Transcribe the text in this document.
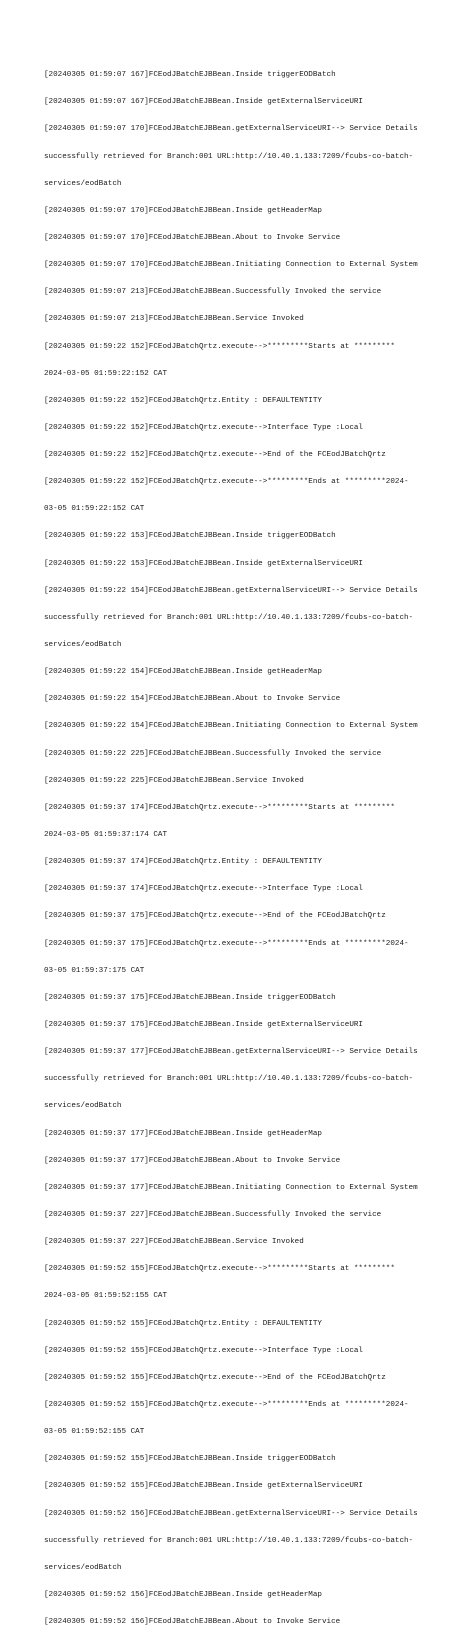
[20240305 01:59:07 167]FCEodJBatchEJBBean.Inside triggerEODBatch

[20240305 01:59:07 167]FCEodJBatchEJBBean.Inside getExternalServiceURI

[20240305 01:59:07 170]FCEodJBatchEJBBean.getExternalServiceURI--> Service Details

successfully retrieved for Branch:001 URL:http://10.40.1.133:7209/fcubs-co-batch-

services/eodBatch

[20240305 01:59:07 170]FCEodJBatchEJBBean.Inside getHeaderMap

[20240305 01:59:07 170]FCEodJBatchEJBBean.About to Invoke Service

[20240305 01:59:07 170]FCEodJBatchEJBBean.Initiating Connection to External System

[20240305 01:59:07 213]FCEodJBatchEJBBean.Successfully Invoked the service

[20240305 01:59:07 213]FCEodJBatchEJBBean.Service Invoked

[20240305 01:59:22 152]FCEodJBatchQrtz.execute-->*********Starts at *********

2024-03-05 01:59:22:152 CAT

[20240305 01:59:22 152]FCEodJBatchQrtz.Entity : DEFAULTENTITY

[20240305 01:59:22 152]FCEodJBatchQrtz.execute-->Interface Type :Local

[20240305 01:59:22 152]FCEodJBatchQrtz.execute-->End of the FCEodJBatchQrtz

[20240305 01:59:22 152]FCEodJBatchQrtz.execute-->*********Ends at *********2024-

03-05 01:59:22:152 CAT

[20240305 01:59:22 153]FCEodJBatchEJBBean.Inside triggerEODBatch

[20240305 01:59:22 153]FCEodJBatchEJBBean.Inside getExternalServiceURI

[20240305 01:59:22 154]FCEodJBatchEJBBean.getExternalServiceURI--> Service Details

successfully retrieved for Branch:001 URL:http://10.40.1.133:7209/fcubs-co-batch-

services/eodBatch

[20240305 01:59:22 154]FCEodJBatchEJBBean.Inside getHeaderMap

[20240305 01:59:22 154]FCEodJBatchEJBBean.About to Invoke Service

[20240305 01:59:22 154]FCEodJBatchEJBBean.Initiating Connection to External System

[20240305 01:59:22 225]FCEodJBatchEJBBean.Successfully Invoked the service

[20240305 01:59:22 225]FCEodJBatchEJBBean.Service Invoked

[20240305 01:59:37 174]FCEodJBatchQrtz.execute-->*********Starts at *********

2024-03-05 01:59:37:174 CAT

[20240305 01:59:37 174]FCEodJBatchQrtz.Entity : DEFAULTENTITY

[20240305 01:59:37 174]FCEodJBatchQrtz.execute-->Interface Type :Local

[20240305 01:59:37 175]FCEodJBatchQrtz.execute-->End of the FCEodJBatchQrtz

[20240305 01:59:37 175]FCEodJBatchQrtz.execute-->*********Ends at *********2024-

03-05 01:59:37:175 CAT

[20240305 01:59:37 175]FCEodJBatchEJBBean.Inside triggerEODBatch

[20240305 01:59:37 175]FCEodJBatchEJBBean.Inside getExternalServiceURI

[20240305 01:59:37 177]FCEodJBatchEJBBean.getExternalServiceURI--> Service Details

successfully retrieved for Branch:001 URL:http://10.40.1.133:7209/fcubs-co-batch-

services/eodBatch

[20240305 01:59:37 177]FCEodJBatchEJBBean.Inside getHeaderMap

[20240305 01:59:37 177]FCEodJBatchEJBBean.About to Invoke Service

[20240305 01:59:37 177]FCEodJBatchEJBBean.Initiating Connection to External System

[20240305 01:59:37 227]FCEodJBatchEJBBean.Successfully Invoked the service

[20240305 01:59:37 227]FCEodJBatchEJBBean.Service Invoked

[20240305 01:59:52 155]FCEodJBatchQrtz.execute-->*********Starts at *********

2024-03-05 01:59:52:155 CAT

[20240305 01:59:52 155]FCEodJBatchQrtz.Entity : DEFAULTENTITY

[20240305 01:59:52 155]FCEodJBatchQrtz.execute-->Interface Type :Local

[20240305 01:59:52 155]FCEodJBatchQrtz.execute-->End of the FCEodJBatchQrtz

[20240305 01:59:52 155]FCEodJBatchQrtz.execute-->*********Ends at *********2024-

03-05 01:59:52:155 CAT

[20240305 01:59:52 155]FCEodJBatchEJBBean.Inside triggerEODBatch

[20240305 01:59:52 155]FCEodJBatchEJBBean.Inside getExternalServiceURI

[20240305 01:59:52 156]FCEodJBatchEJBBean.getExternalServiceURI--> Service Details

successfully retrieved for Branch:001 URL:http://10.40.1.133:7209/fcubs-co-batch-

services/eodBatch

[20240305 01:59:52 156]FCEodJBatchEJBBean.Inside getHeaderMap

[20240305 01:59:52 156]FCEodJBatchEJBBean.About to Invoke Service
